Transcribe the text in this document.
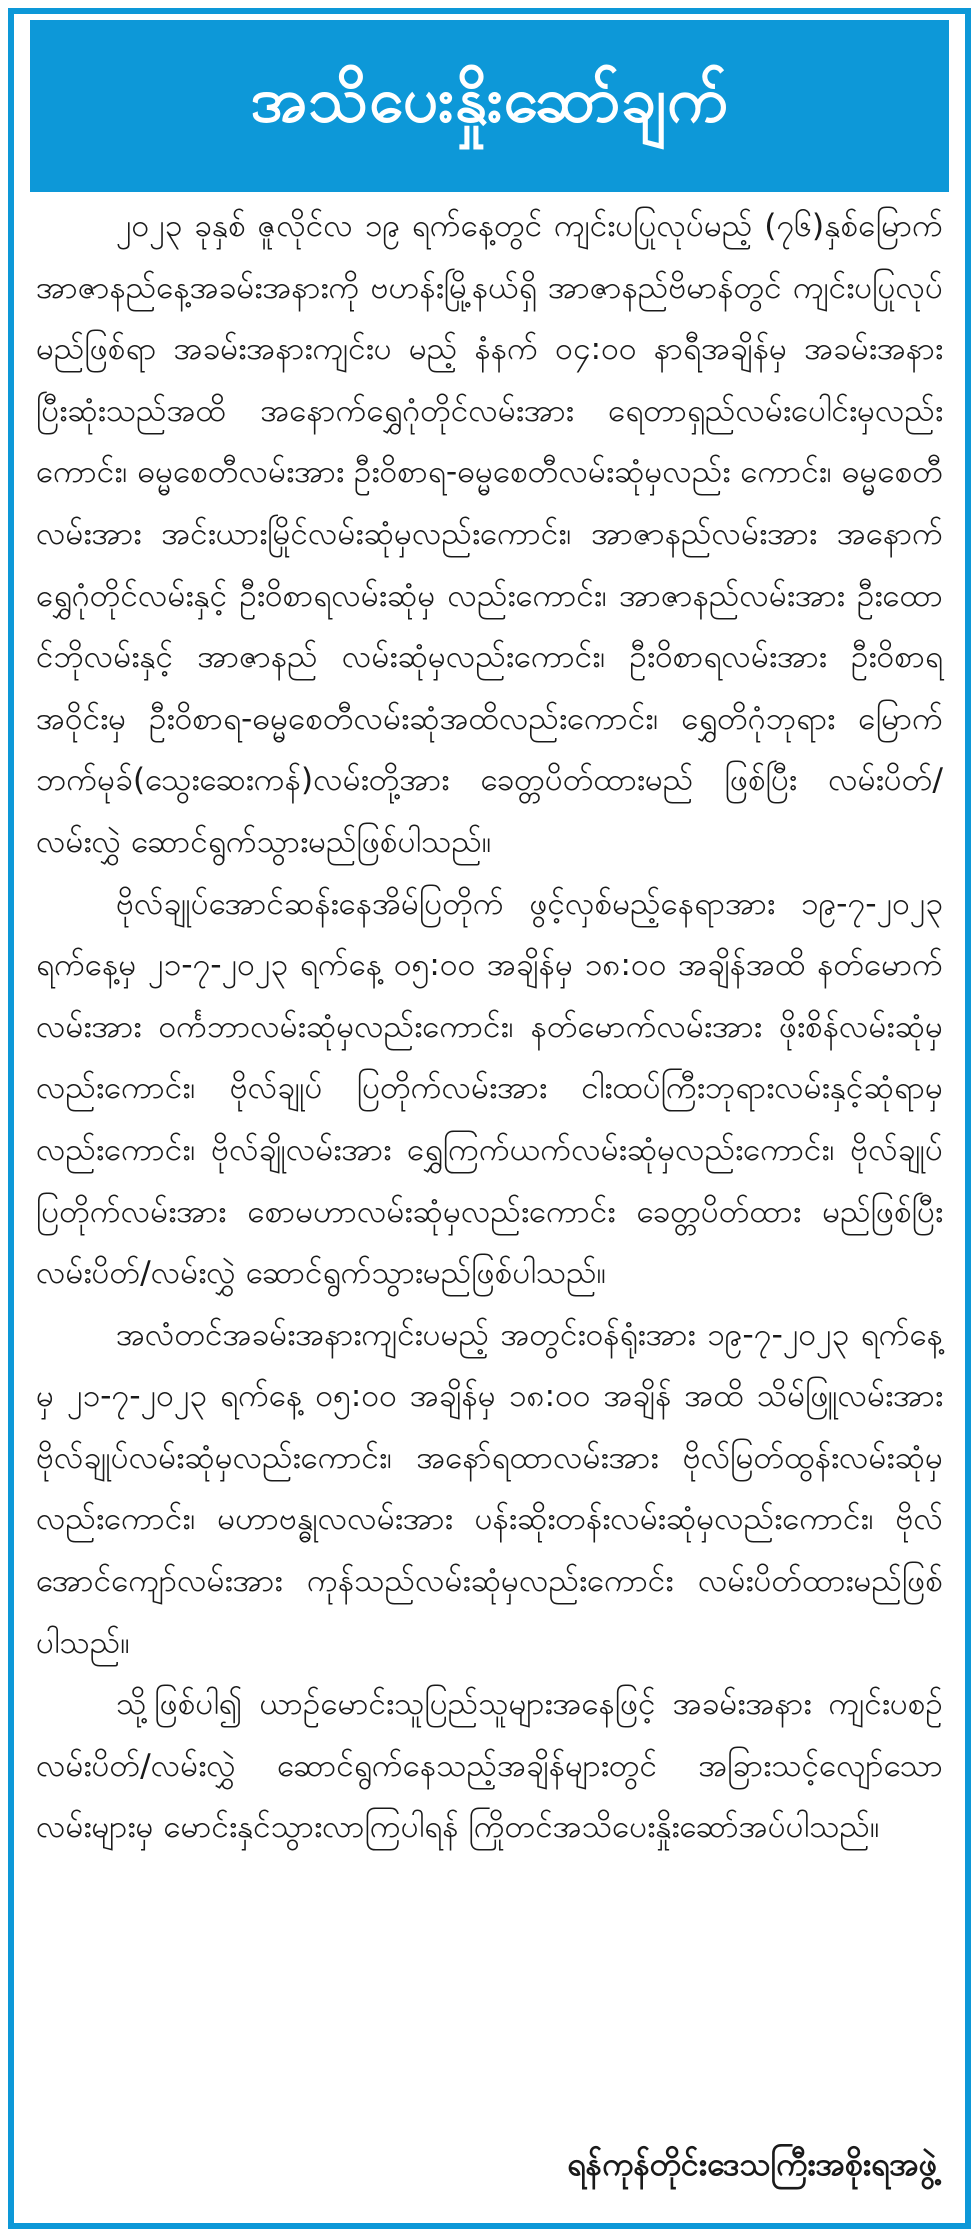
အသိပေးနှိုးဆော်ချက်

၂၀၂၃ ခုနှစ် ဇူလိုင်လ ၁၉ ရက်နေ့တွင် ကျင်းပပြုလုပ်မည့် (၇၆)နှစ်မြောက် အာဇာနည်နေ့အခမ်းအနားကို ဗဟန်းမြို့နယ်ရှိ အာဇာနည်ဗိမာန်တွင် ကျင်းပပြုလုပ်မည်ဖြစ်ရာ အခမ်းအနားကျင်းပ မည့် နံနက် ၀၄:၀၀ နာရီအချိန်မှ အခမ်းအနားပြီးဆုံးသည်အထိ အနောက်ရွှေဂုံတိုင်လမ်းအား ရေတာရှည်လမ်းပေါင်းမှလည်း ကောင်း၊ ဓမ္မစေတီလမ်းအား ဦးဝိစာရ-ဓမ္မစေတီလမ်းဆုံမှလည်း ကောင်း၊ ဓမ္မစေတီလမ်းအား အင်းယားမြိုင်လမ်းဆုံမှလည်းကောင်း၊ အာဇာနည်လမ်းအား အနောက်ရွှေဂုံတိုင်လမ်းနှင့် ဦးဝိစာရလမ်းဆုံမှ လည်းကောင်း၊ အာဇာနည်လမ်းအား ဦးထောင်ဘိုလမ်းနှင့် အာဇာနည် လမ်းဆုံမှလည်းကောင်း၊ ဦးဝိစာရလမ်းအား ဦးဝိစာရအဝိုင်းမှ ဦးဝိစာရ-ဓမ္မစေတီလမ်းဆုံအထိလည်းကောင်း၊ ရွှေတိဂုံဘုရား မြောက်ဘက်မုခ်(သွေးဆေးကန်)လမ်းတို့အား ခေတ္တပိတ်ထားမည် ဖြစ်ပြီး လမ်းပိတ်/ လမ်းလွှဲ ဆောင်ရွက်သွားမည်ဖြစ်ပါသည်။

ဗိုလ်ချုပ်အောင်ဆန်းနေအိမ်ပြတိုက် ဖွင့်လှစ်မည့်နေရာအား ၁၉-၇-၂၀၂၃ ရက်နေ့မှ ၂၁-၇-၂၀၂၃ ရက်နေ့ ၀၅:၀၀ အချိန်မှ ၁၈:၀၀ အချိန်အထိ နတ်မောက်လမ်းအား ဝင်္ကဘာလမ်းဆုံမှလည်းကောင်း၊ နတ်မောက်လမ်းအား ဖိုးစိန်လမ်းဆုံမှလည်းကောင်း၊ ဗိုလ်ချုပ် ပြတိုက်လမ်းအား ငါးထပ်ကြီးဘုရားလမ်းနှင့်ဆုံရာမှလည်းကောင်း၊ ဗိုလ်ချိုလမ်းအား ရွှေကြက်ယက်လမ်းဆုံမှလည်းကောင်း၊ ဗိုလ်ချုပ် ပြတိုက်လမ်းအား စောမဟာလမ်းဆုံမှလည်းကောင်း ခေတ္တပိတ်ထား မည်ဖြစ်ပြီး လမ်းပိတ်/လမ်းလွှဲ ဆောင်ရွက်သွားမည်ဖြစ်ပါသည်။

အလံတင်အခမ်းအနားကျင်းပမည့် အတွင်းဝန်ရုံးအား ၁၉-၇-၂၀၂၃ ရက်နေ့မှ ၂၁-၇-၂၀၂၃ ရက်နေ့ ၀၅:၀၀ အချိန်မှ ၁၈:၀၀ အချိန် အထိ သိမ်ဖြူလမ်းအား ဗိုလ်ချုပ်လမ်းဆုံမှလည်းကောင်း၊ အနော်ရထာလမ်းအား ဗိုလ်မြတ်ထွန်းလမ်းဆုံမှလည်းကောင်း၊ မဟာဗန္ဓုလလမ်းအား ပန်းဆိုးတန်းလမ်းဆုံမှလည်းကောင်း၊ ဗိုလ်အောင်ကျော်လမ်းအား ကုန်သည်လမ်းဆုံမှလည်းကောင်း လမ်းပိတ်ထားမည်ဖြစ်ပါသည်။

သို့ဖြစ်ပါ၍ ယာဉ်မောင်းသူပြည်သူများအနေဖြင့် အခမ်းအနား ကျင်းပစဉ် လမ်းပိတ်/လမ်းလွှဲ ဆောင်ရွက်နေသည့်အချိန်များတွင် အခြားသင့်လျော်သောလမ်းများမှ မောင်းနှင်သွားလာကြပါရန် ကြိုတင်အသိပေးနှိုးဆော်အပ်ပါသည်။

ရန်ကုန်တိုင်းဒေသကြီးအစိုးရအဖွဲ့
